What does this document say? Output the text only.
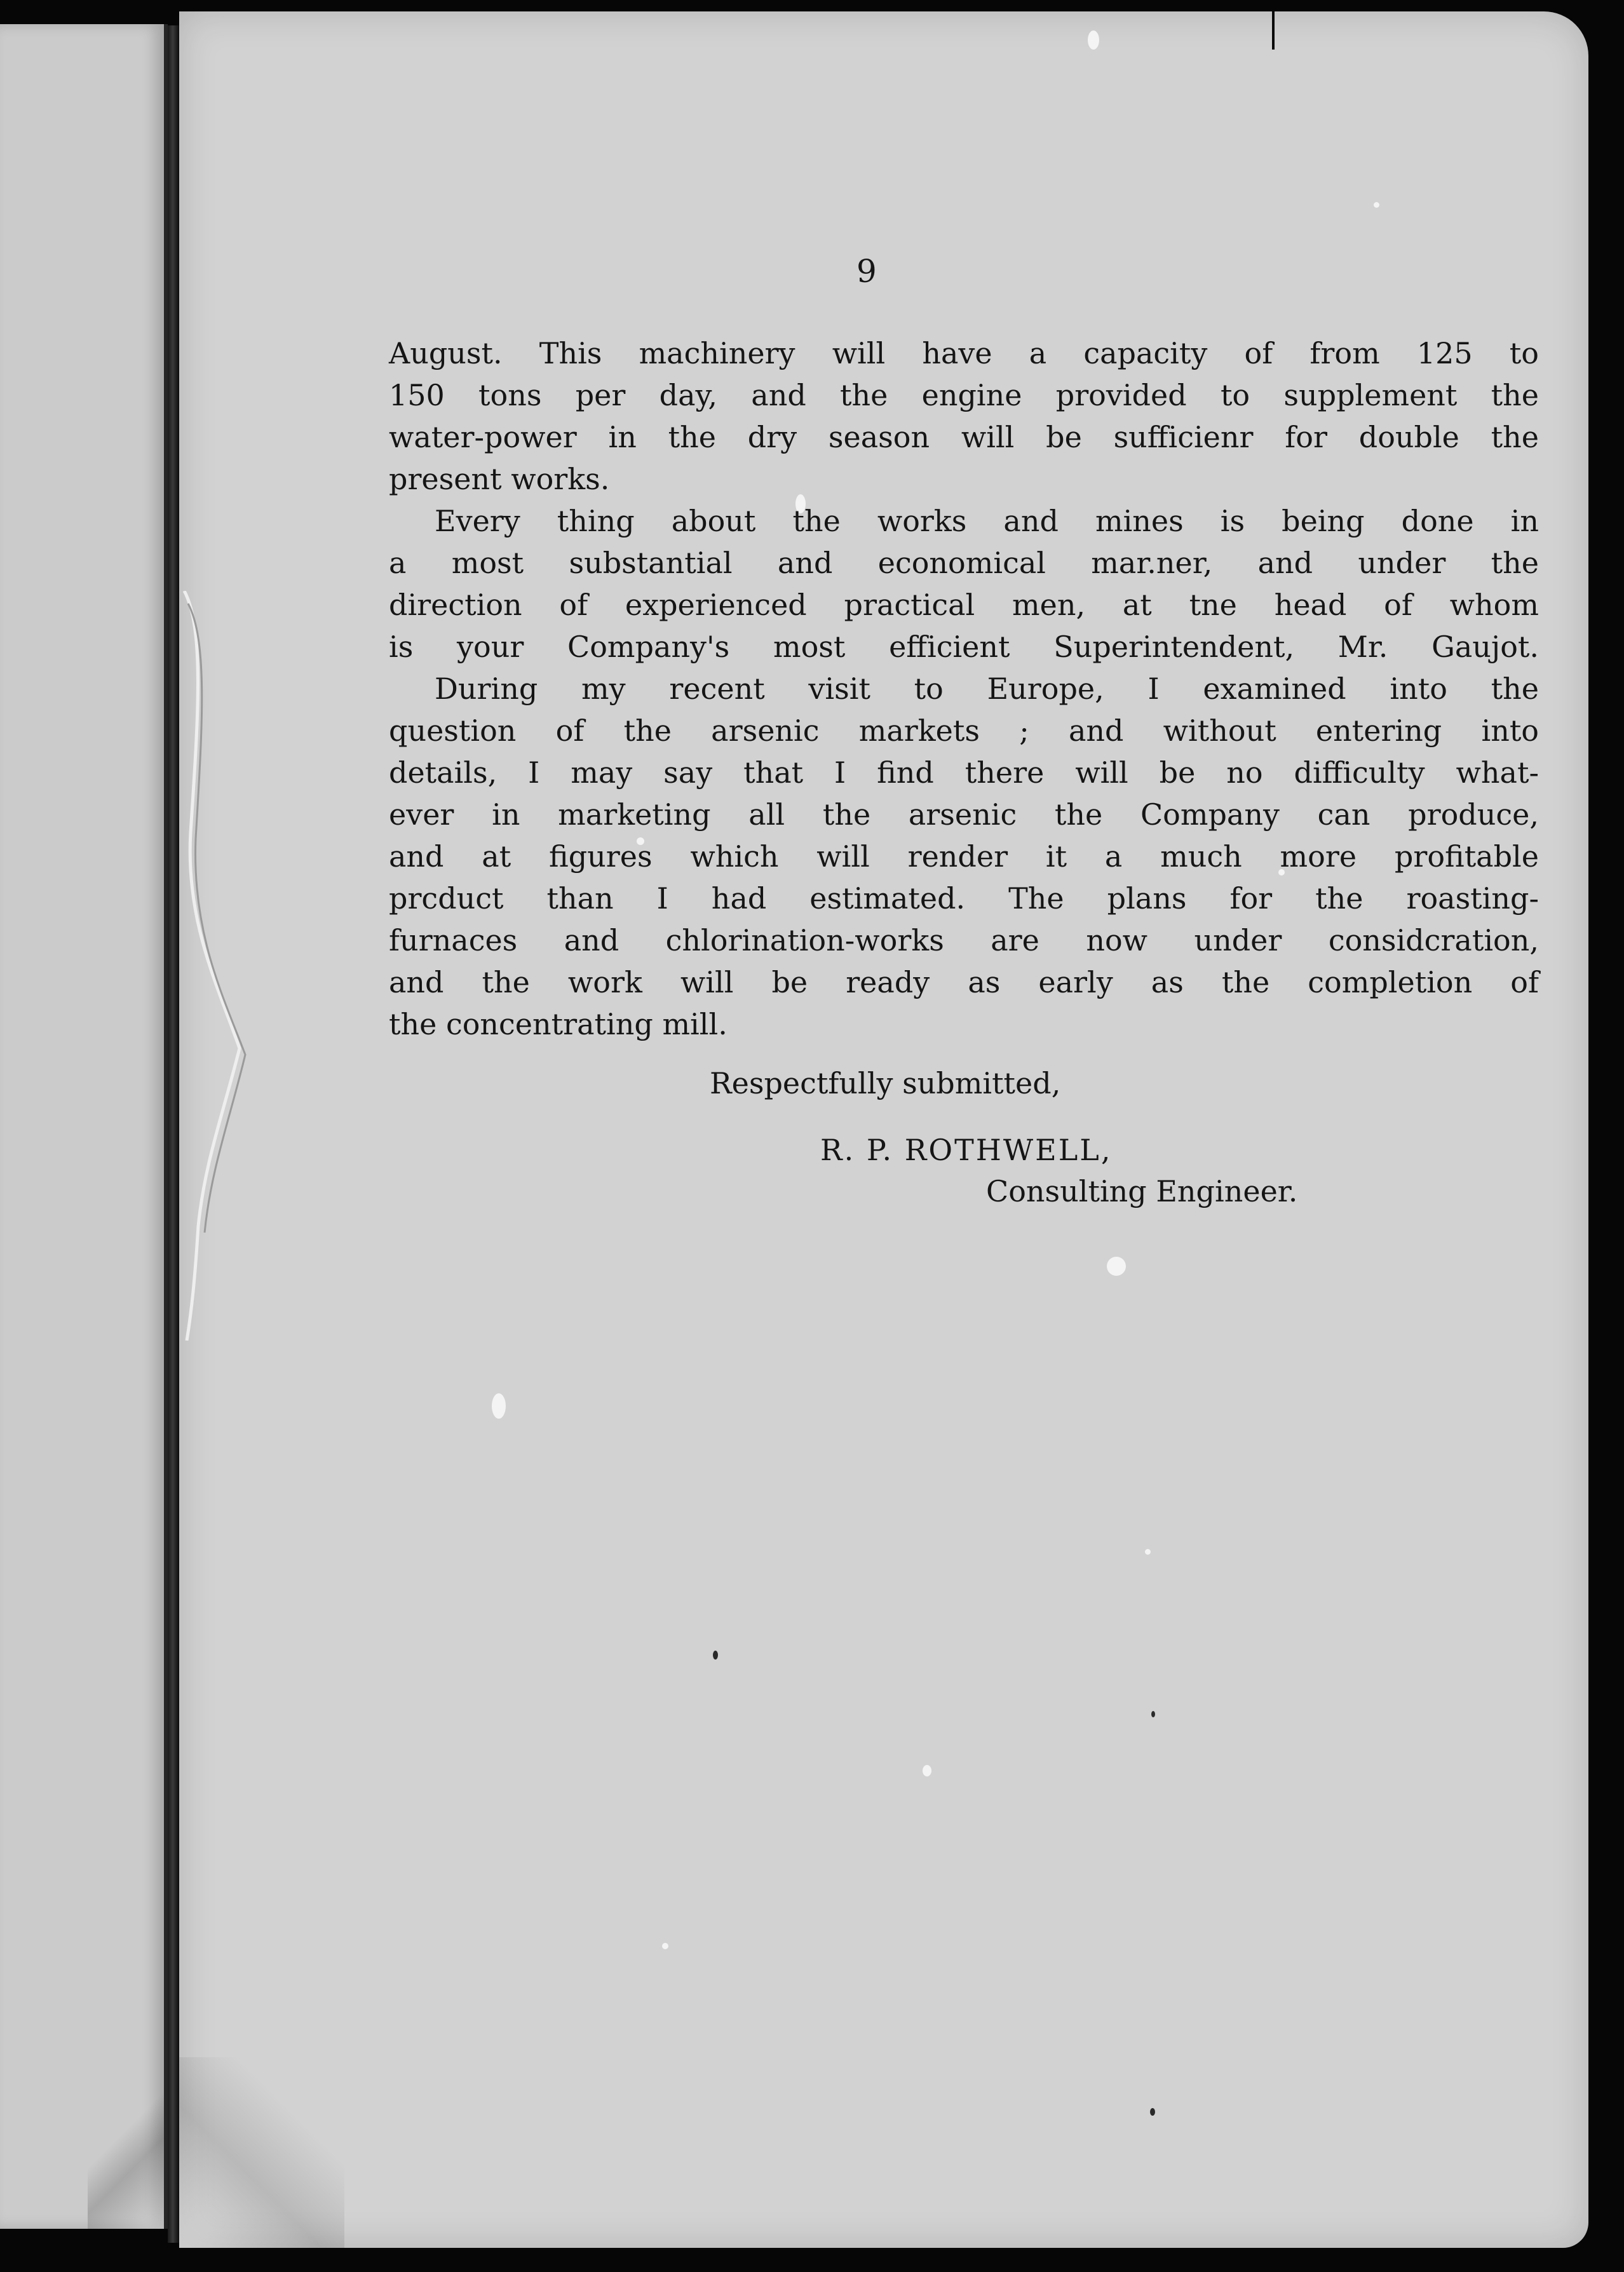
9

August. This machinery will have a capacity of from 125 to
150 tons per day, and the engine provided to supplement the
water-power in the dry season will be sufficienr for double the
present works.

Every thing about the works and mines is being done in
a most substantial and economical mar.ner, and under the
direction of experienced practical men, at tne head of whom
is your Company's most efficient Superintendent, Mr. Gaujot.

During my recent visit to Europe, I examined into the
question of the arsenic markets ; and without entering into
details, I may say that I find there will be no difficulty what-
ever in marketing all the arsenic the Company can produce,
and at figures which will render it a much more profitable
prcduct than I had estimated. The plans for the roasting-
furnaces and chlorination-works are now under considcration,
and the work will be ready as early as the completion of
the concentrating mill.

Respectfully submitted,
R. P. ROTHWELL,
Consulting Engineer.
